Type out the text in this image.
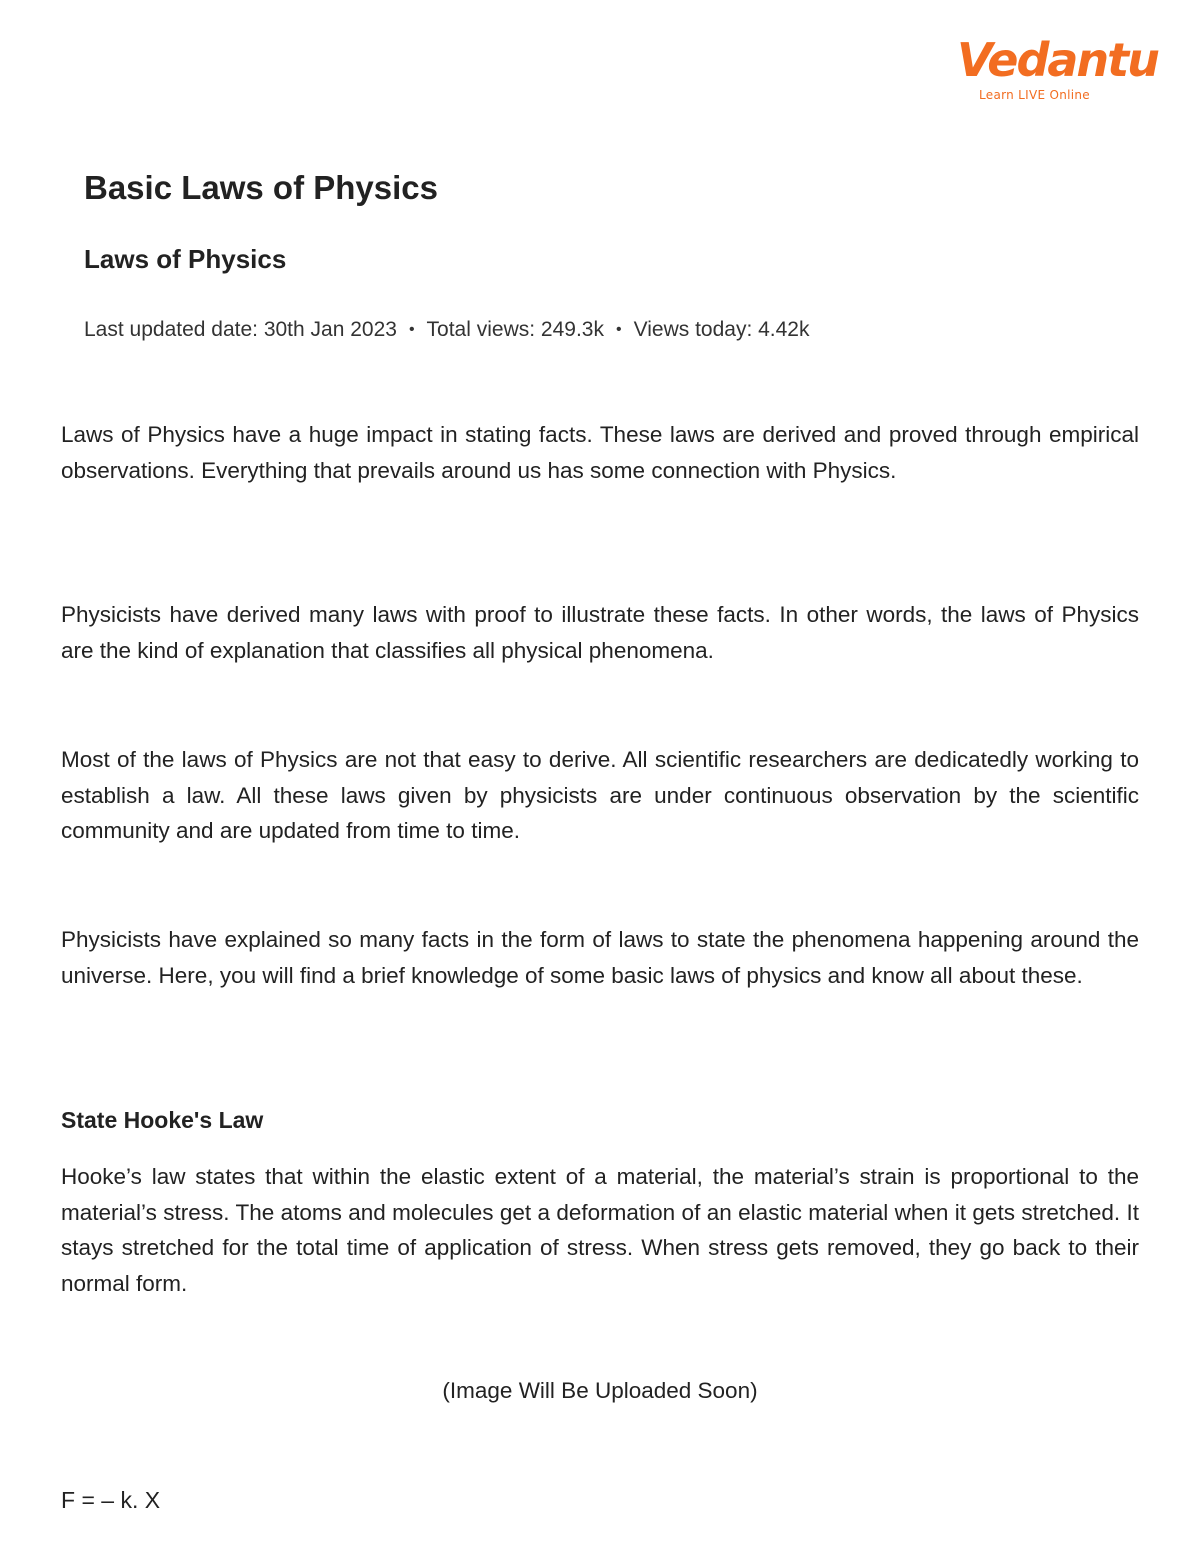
Vedantu
Learn LIVE Online
Basic Laws of Physics
Laws of Physics
Last updated date: 30th Jan 2023 • Total views: 249.3k • Views today: 4.42k

Laws of Physics have a huge impact in stating facts. These laws are derived and proved through empirical observations. Everything that prevails around us has some connection with Physics.

Physicists have derived many laws with proof to illustrate these facts. In other words, the laws of Physics are the kind of explanation that classifies all physical phenomena.

Most of the laws of Physics are not that easy to derive. All scientific researchers are dedicatedly working to establish a law. All these laws given by physicists are under continuous observation by the scientific community and are updated from time to time.

Physicists have explained so many facts in the form of laws to state the phenomena happening around the universe. Here, you will find a brief knowledge of some basic laws of physics and know all about these.

State Hooke's Law

Hooke’s law states that within the elastic extent of a material, the material’s strain is proportional to the material’s stress. The atoms and molecules get a deformation of an elastic material when it gets stretched. It stays stretched for the total time of application of stress. When stress gets removed, they go back to their normal form.

(Image Will Be Uploaded Soon)
F = – k. X
